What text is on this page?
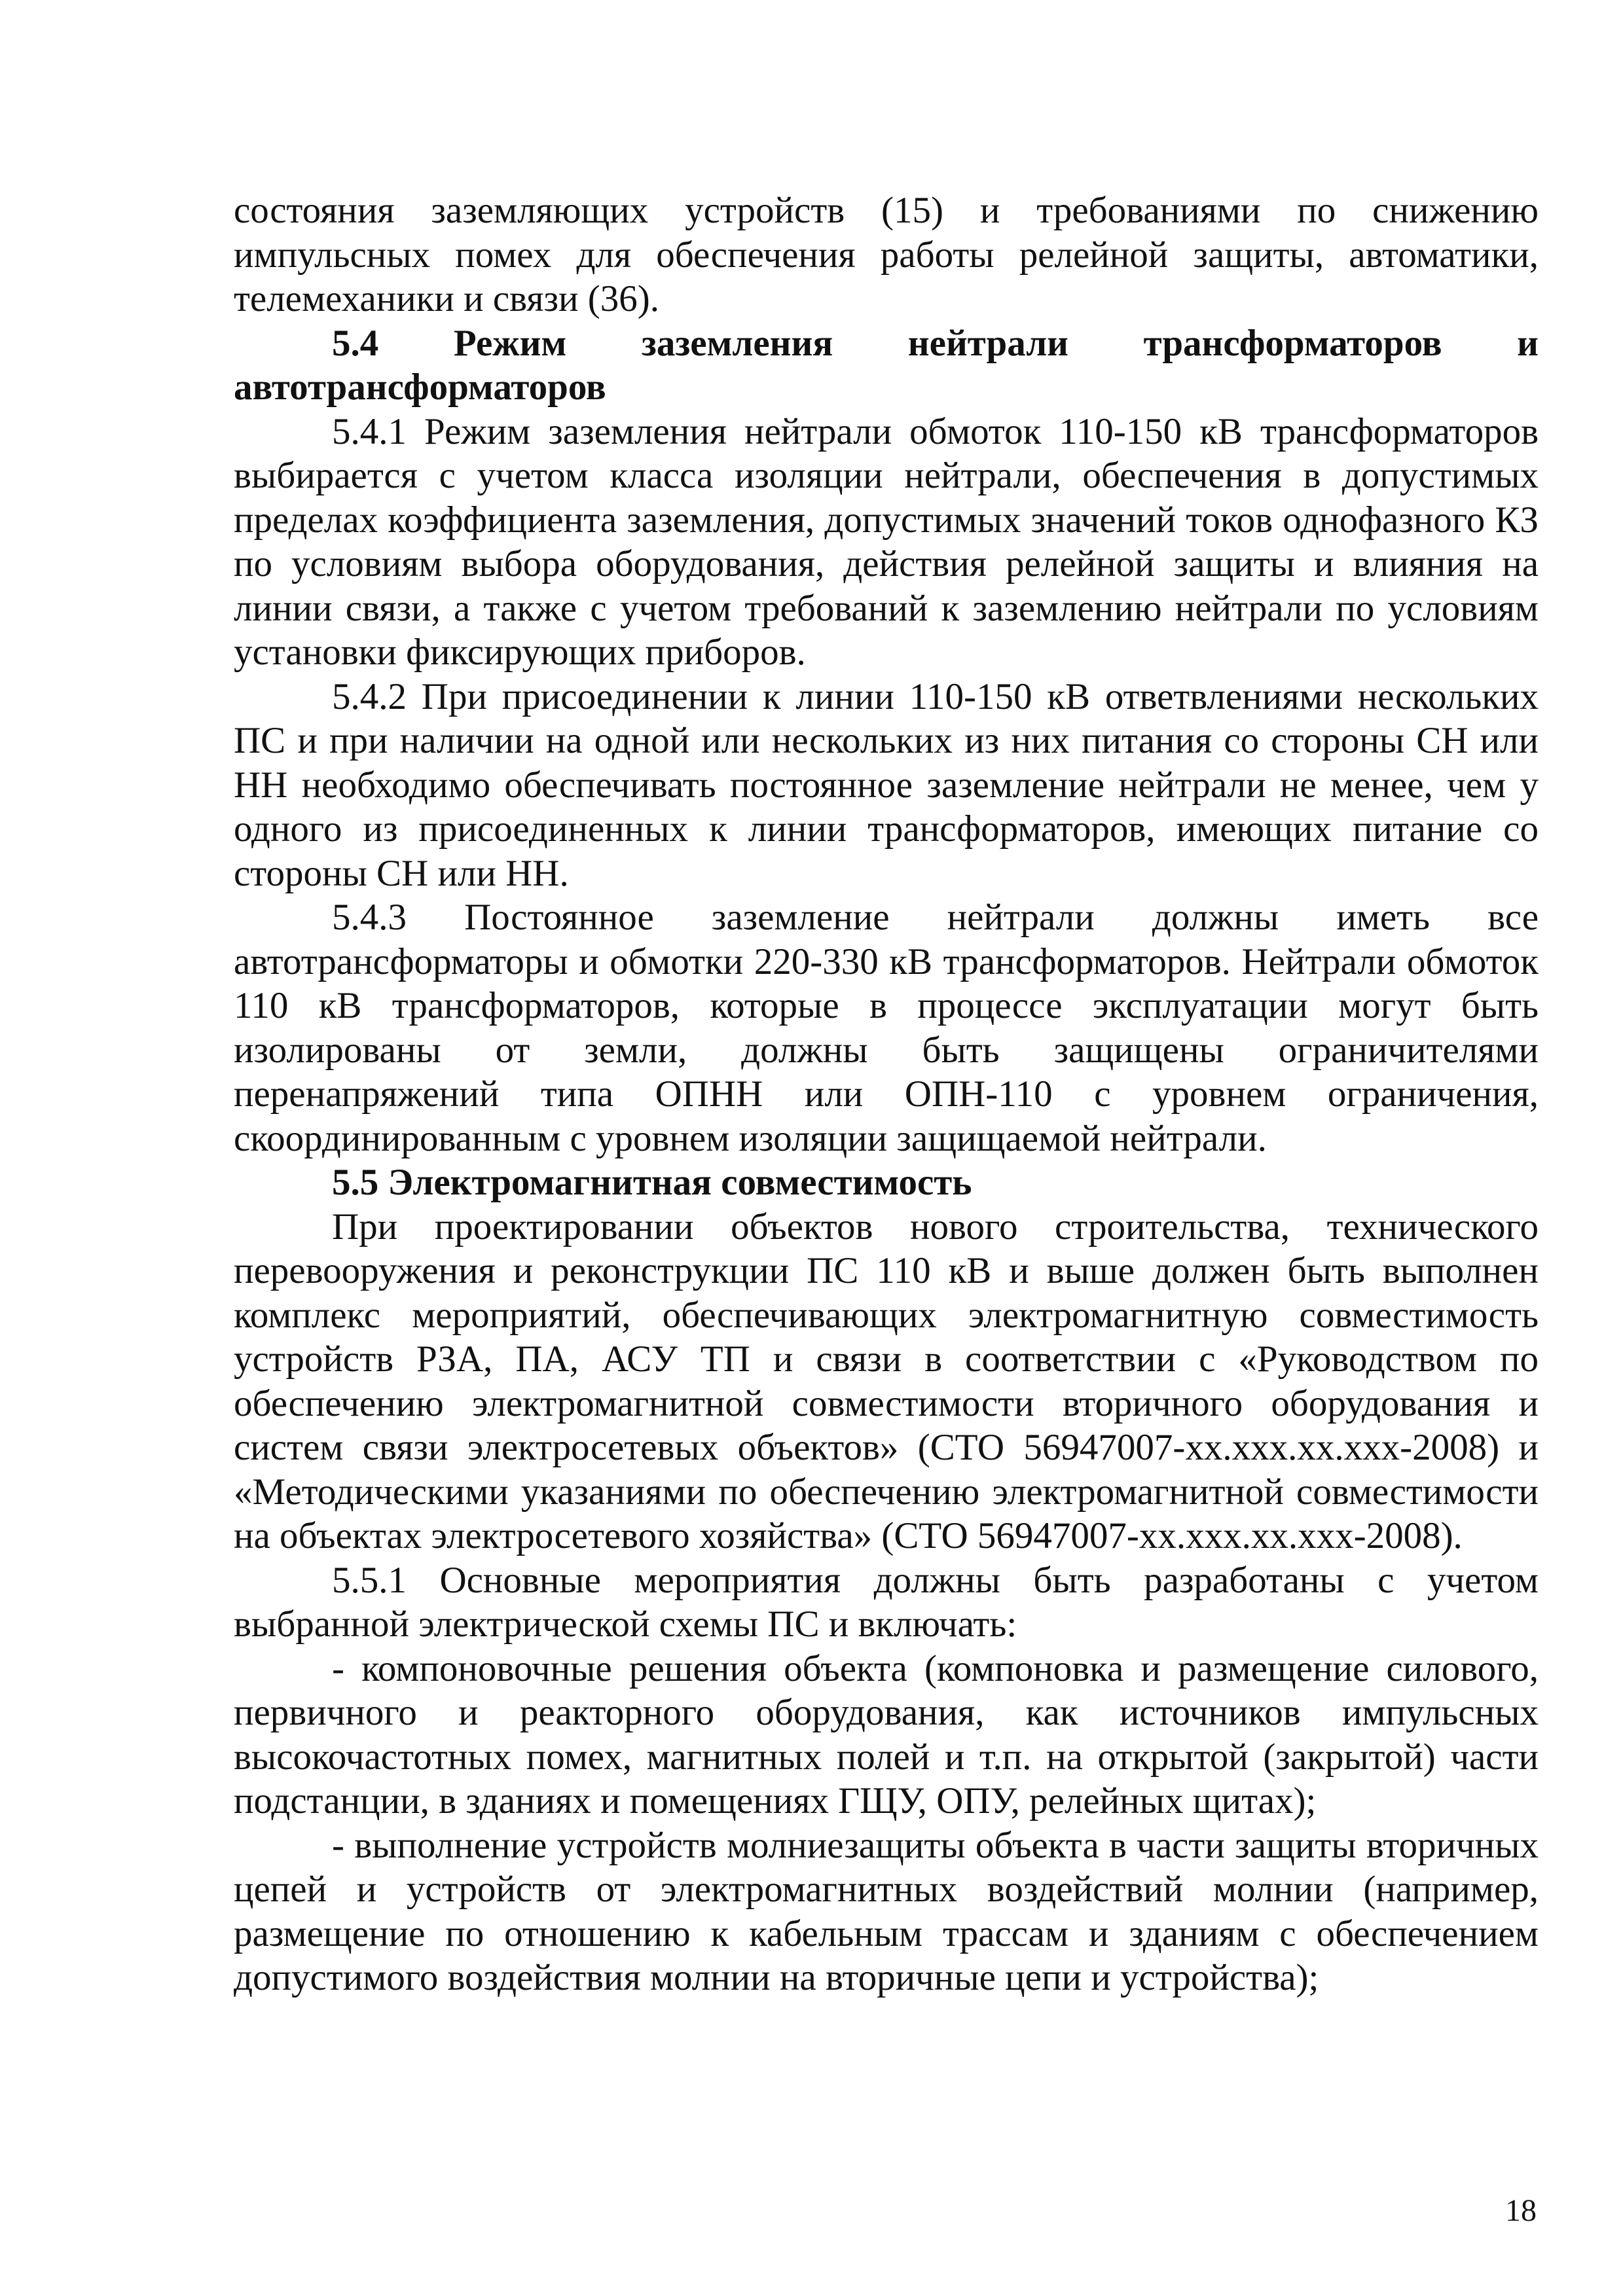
состояния заземляющих устройств (15) и требованиями по снижению импульсных помех для обеспечения работы релейной защиты, автоматики, телемеханики и связи (36).

5.4 Режим заземления нейтрали трансформаторов и автотрансформаторов

5.4.1 Режим заземления нейтрали обмоток 110-150 кВ трансформаторов выбирается с учетом класса изоляции нейтрали, обеспечения в допустимых пределах коэффициента заземления, допустимых значений токов однофазного КЗ по условиям выбора оборудования, действия релейной защиты и влияния на линии связи, а также с учетом требований к заземлению нейтрали по условиям установки фиксирующих приборов.

5.4.2 При присоединении к линии 110-150 кВ ответвлениями нескольких ПС и при наличии на одной или нескольких из них питания со стороны СН или НН необходимо обеспечивать постоянное заземление нейтрали не менее, чем у одного из присоединенных к линии трансформаторов, имеющих питание со стороны СН или НН.

5.4.3 Постоянное заземление нейтрали должны иметь все автотрансформаторы и обмотки 220-330 кВ трансформаторов. Нейтрали обмоток 110 кВ трансформаторов, которые в процессе эксплуатации могут быть изолированы от земли, должны быть защищены ограничителями перенапряжений типа ОПНН или ОПН-110 с уровнем ограничения, скоординированным с уровнем изоляции защищаемой нейтрали.

5.5 Электромагнитная совместимость

При проектировании объектов нового строительства, технического перевооружения и реконструкции ПС 110 кВ и выше должен быть выполнен комплекс мероприятий, обеспечивающих электромагнитную совместимость устройств РЗА, ПА, АСУ ТП и связи в соответствии с «Руководством по обеспечению электромагнитной совместимости вторичного оборудования и систем связи электросетевых объектов» (СТО 56947007-хх.ххх.хх.ххх-2008) и «Методическими указаниями по обеспечению электромагнитной совместимости на объектах электросетевого хозяйства» (СТО 56947007-хх.ххх.хх.ххх-2008).

5.5.1 Основные мероприятия должны быть разработаны с учетом выбранной электрической схемы ПС и включать:

- компоновочные решения объекта (компоновка и размещение силового, первичного и реакторного оборудования, как источников импульсных высокочастотных помех, магнитных полей и т.п. на открытой (закрытой) части подстанции, в зданиях и помещениях ГЩУ, ОПУ, релейных щитах);

- выполнение устройств молниезащиты объекта в части защиты вторичных цепей и устройств от электромагнитных воздействий молнии (например, размещение по отношению к кабельным трассам и зданиям с обеспечением допустимого воздействия молнии на вторичные цепи и устройства);

18
